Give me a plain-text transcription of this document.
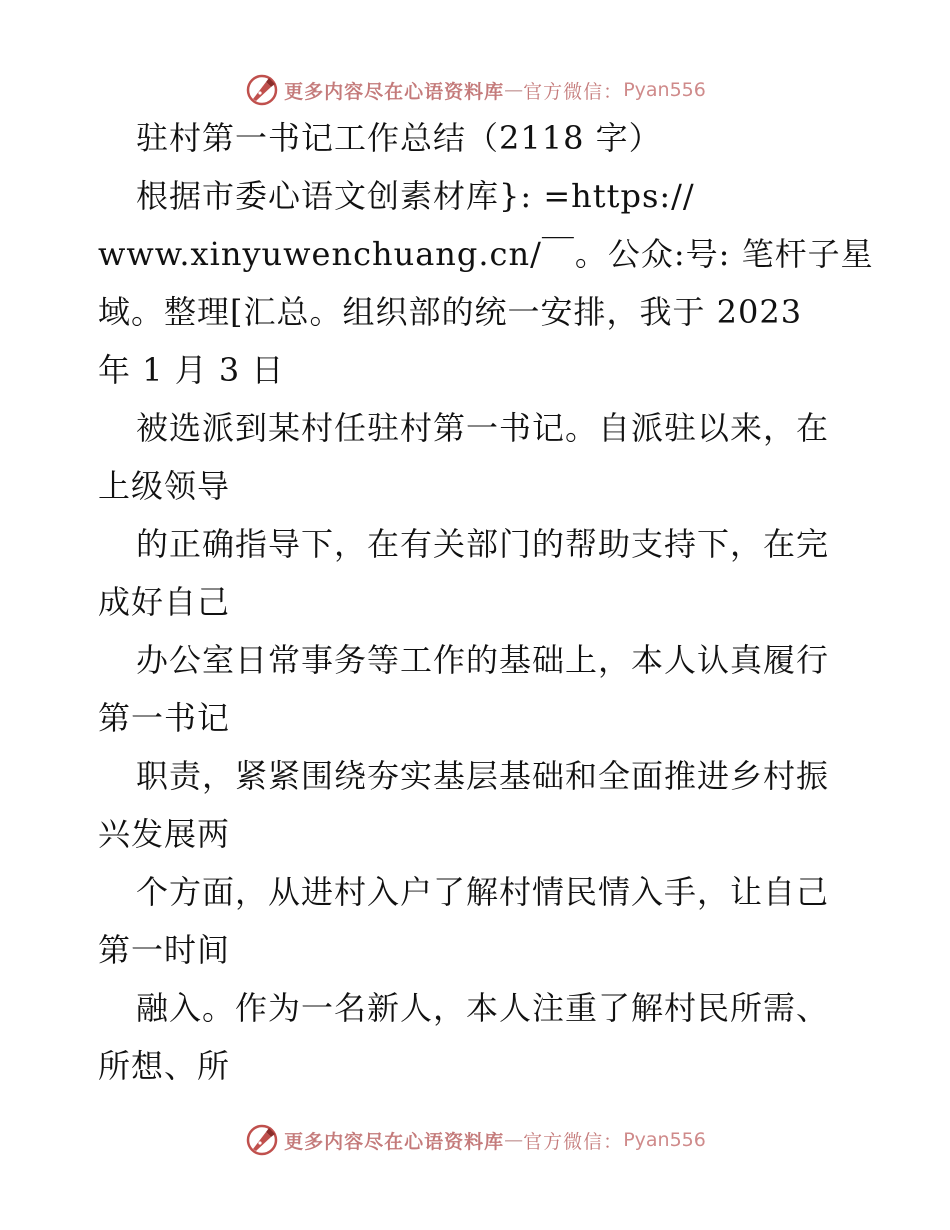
更多内容尽在心语资料库 — 官方微信： Pyan556
驻村第一书记工作总结（2118 字）
根据市委心语文创素材库}: =https://
www.xinyuwenchuang.cn/￣。公众:号: 笔杆子星
域。整理[汇总。组织部的统一安排，我于 2023
年 1 月 3 日
被选派到某村任驻村第一书记。自派驻以来，在
上级领导
的正确指导下，在有关部门的帮助支持下，在完
成好自己
办公室日常事务等工作的基础上，本人认真履行
第一书记
职责，紧紧围绕夯实基层基础和全面推进乡村振
兴发展两
个方面，从进村入户了解村情民情入手，让自己
第一时间
融入。作为一名新人，本人注重了解村民所需、
所想、所
更多内容尽在心语资料库 — 官方微信： Pyan556
